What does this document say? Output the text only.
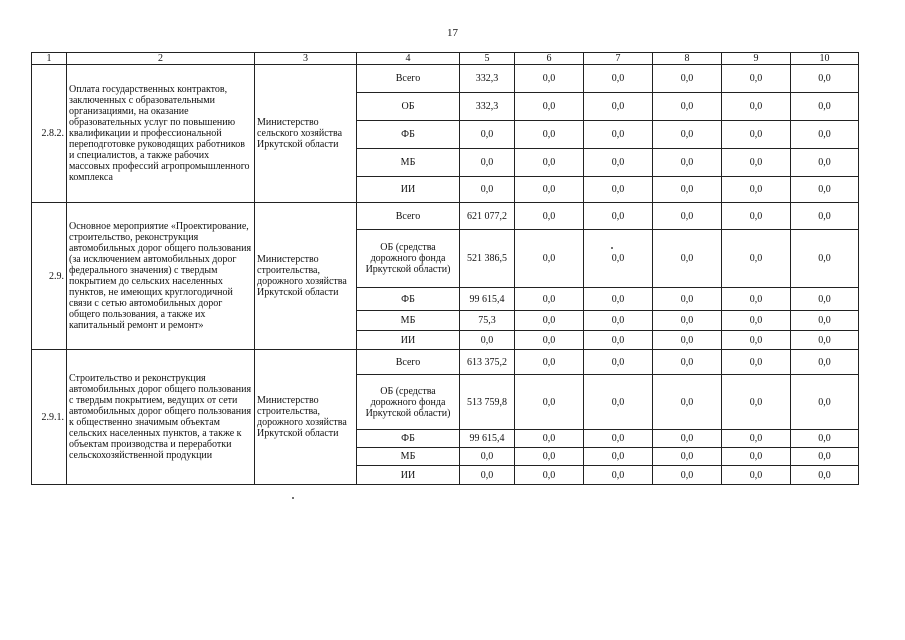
17
1	2	3	4	5	6	7	8	9	10
2.8.2.	Оплата государственных контрактов, заключенных с образовательными организациями, на оказание образовательных услуг по повышению квалификации и профессиональной переподготовке руководящих работников и специалистов, а также рабочих массовых профессий агропромышленного комплекса	Министерство сельского хозяйства Иркутской области	Всего	332,3	0,0	0,0	0,0	0,0	0,0
			ОБ	332,3	0,0	0,0	0,0	0,0	0,0
			ФБ	0,0	0,0	0,0	0,0	0,0	0,0
			МБ	0,0	0,0	0,0	0,0	0,0	0,0
			ИИ	0,0	0,0	0,0	0,0	0,0	0,0
2.9.	Основное мероприятие «Проектирование, строительство, реконструкция автомобильных дорог общего пользования (за исключением автомобильных дорог федерального значения) с твердым покрытием до сельских населенных пунктов, не имеющих круглогодичной связи с сетью автомобильных дорог общего пользования, а также их капитальный ремонт и ремонт»	Министерство строительства, дорожного хозяйства Иркутской области	Всего	621 077,2	0,0	0,0	0,0	0,0	0,0
			ОБ (средства дорожного фонда Иркутской области)	521 386,5	0,0	0,0	0,0	0,0	0,0
			ФБ	99 615,4	0,0	0,0	0,0	0,0	0,0
			МБ	75,3	0,0	0,0	0,0	0,0	0,0
			ИИ	0,0	0,0	0,0	0,0	0,0	0,0
2.9.1.	Строительство и реконструкция автомобильных дорог общего пользования с твердым покрытием, ведущих от сети автомобильных дорог общего пользования к общественно значимым объектам сельских населенных пунктов, а также к объектам производства и переработки сельскохозяйственной продукции	Министерство строительства, дорожного хозяйства Иркутской области	Всего	613 375,2	0,0	0,0	0,0	0,0	0,0
			ОБ (средства дорожного фонда Иркутской области)	513 759,8	0,0	0,0	0,0	0,0	0,0
			ФБ	99 615,4	0,0	0,0	0,0	0,0	0,0
			МБ	0,0	0,0	0,0	0,0	0,0	0,0
			ИИ	0,0	0,0	0,0	0,0	0,0	0,0
